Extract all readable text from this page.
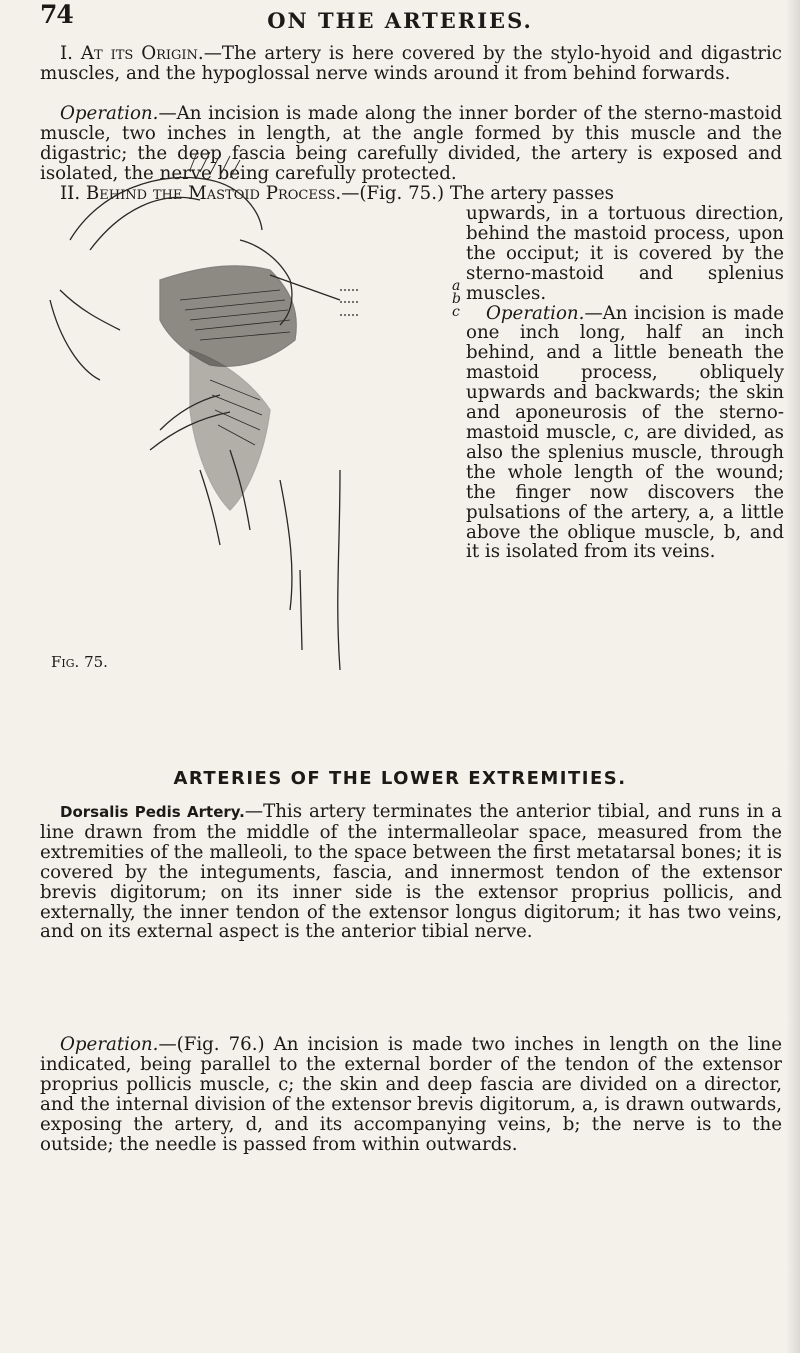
74	ON THE ARTERIES.

I. At its Origin.—The artery is here covered by the stylo-hyoid and digastric muscles, and the hypoglossal nerve winds around it from behind forwards.

Operation.—An incision is made along the inner border of the sterno-mastoid muscle, two inches in length, at the angle formed by this muscle and the digastric; the deep fascia being carefully divided, the artery is exposed and isolated, the nerve being carefully protected.

II. Behind the Mastoid Process.—(Fig. 75.) The artery passes

upwards, in a tortuous direction, behind the mastoid process, upon the occiput; it is covered by the sterno-mastoid and splenius muscles.
Operation.—An incision is made one inch long, half an inch behind, and a little beneath the mastoid process, obliquely upwards and backwards; the skin and aponeurosis of the sterno-mastoid muscle, c, are divided, as also the splenius muscle, through the whole length of the wound; the finger now discovers the pulsations of the artery, a, a little above the oblique muscle, b, and it is isolated from its veins.

a
b
c
Fig. 75.
ARTERIES OF THE LOWER EXTREMITIES.

Dorsalis Pedis Artery.—This artery terminates the anterior tibial, and runs in a line drawn from the middle of the intermalleolar space, measured from the extremities of the malleoli, to the space between the first metatarsal bones; it is covered by the integuments, fascia, and innermost tendon of the extensor brevis digitorum; on its inner side is the extensor proprius pollicis, and externally, the inner tendon of the extensor longus digitorum; it has two veins, and on its external aspect is the anterior tibial nerve.

Operation.—(Fig. 76.) An incision is made two inches in length on the line indicated, being parallel to the external border of the tendon of the extensor proprius pollicis muscle, c; the skin and deep fascia are divided on a director, and the internal division of the extensor brevis digitorum, a, is drawn outwards, exposing the artery, d, and its accompanying veins, b; the nerve is to the outside; the needle is passed from within outwards.
